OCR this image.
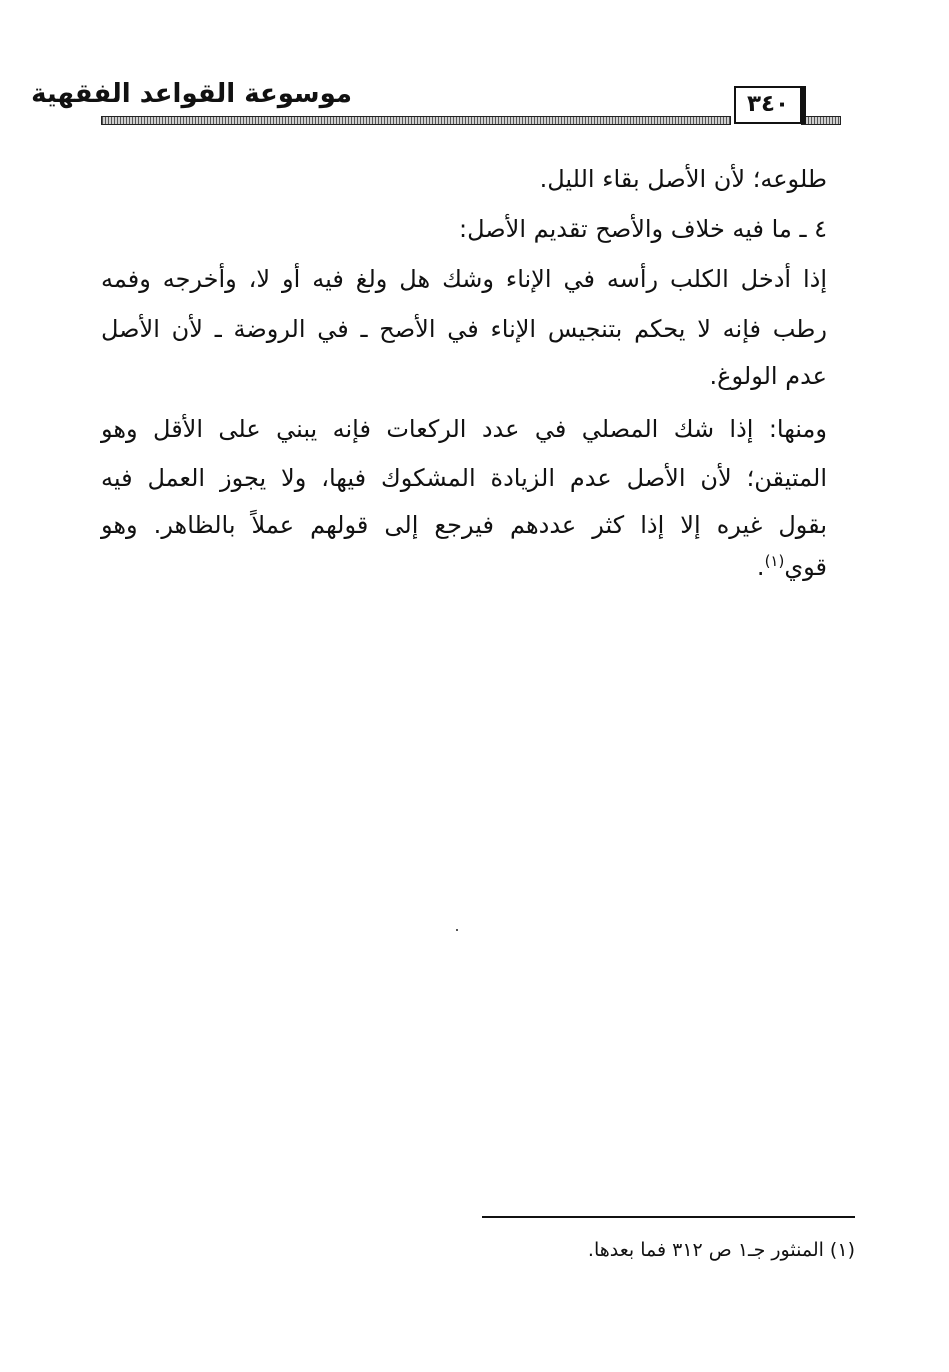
موسوعة القواعد الفقهية	٣٤٠
طلوعه؛ لأن الأصل بقاء الليل.
٤ ـ ما فيه خلاف والأصح تقديم الأصل:
إذا أدخل الكلب رأسه في الإناء وشك هل ولغ فيه أو لا، وأخرجه وفمه
رطب فإنه لا يحكم بتنجيس الإناء في الأصح ـ في الروضة ـ لأن الأصل
عدم الولوغ.
ومنها: إذا شك المصلي في عدد الركعات فإنه يبني على الأقل وهو
المتيقن؛ لأن الأصل عدم الزيادة المشكوك فيها، ولا يجوز العمل فيه
بقول غيره إلا إذا كثر عددهم فيرجع إلى قولهم عملاً بالظاهر. وهو
قوي$^{(١)}$.
(١) المنثور جـ١ ص ٣١٢ فما بعدها.
